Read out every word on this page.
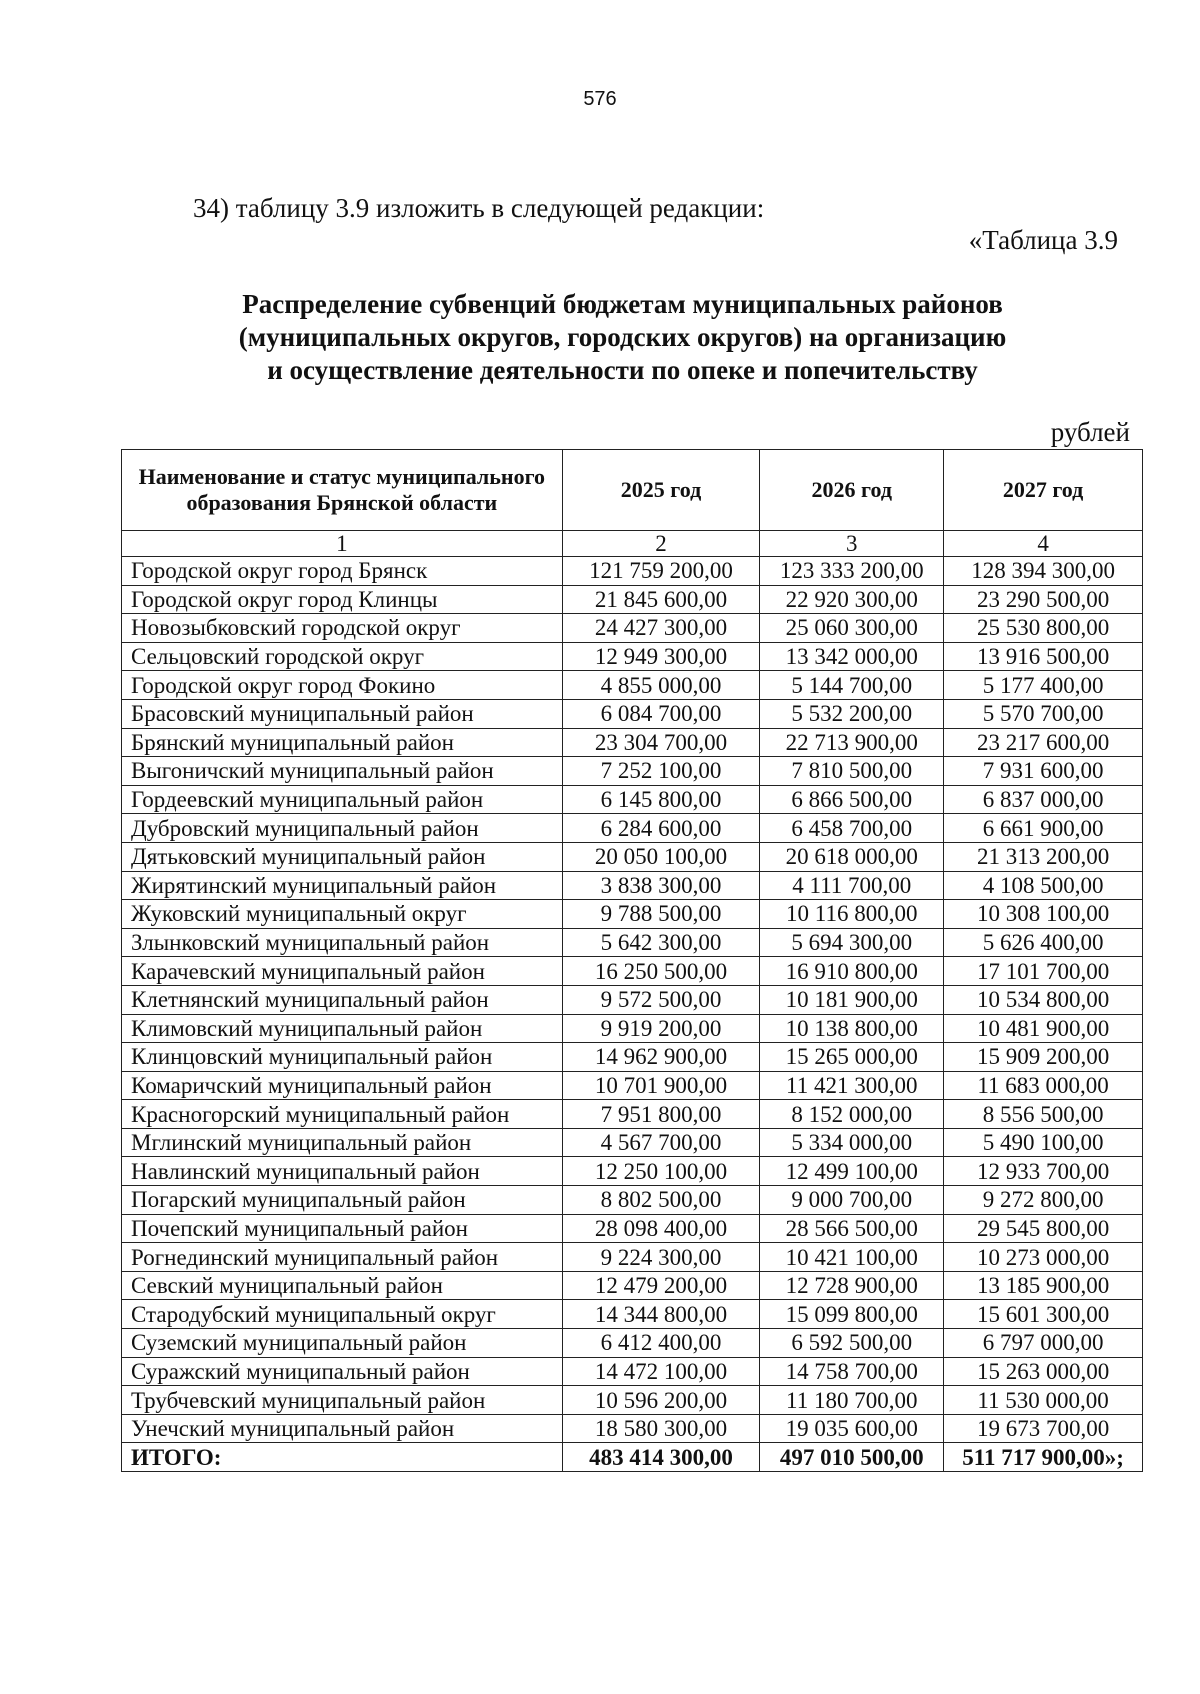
576
34) таблицу 3.9 изложить в следующей редакции:
«Таблица 3.9
Распределение субвенций бюджетам муниципальных районов
(муниципальных округов, городских округов) на организацию
и осуществление деятельности по опеке и попечительству
рублей
Наименование и статус муниципального образования Брянской области	2025 год	2026 год	2027 год
1	2	3	4
Городской округ город Брянск	121 759 200,00	123 333 200,00	128 394 300,00
Городской округ город Клинцы	21 845 600,00	22 920 300,00	23 290 500,00
Новозыбковский городской округ	24 427 300,00	25 060 300,00	25 530 800,00
Сельцовский городской округ	12 949 300,00	13 342 000,00	13 916 500,00
Городской округ город Фокино	4 855 000,00	5 144 700,00	5 177 400,00
Брасовский муниципальный район	6 084 700,00	5 532 200,00	5 570 700,00
Брянский муниципальный район	23 304 700,00	22 713 900,00	23 217 600,00
Выгоничский муниципальный район	7 252 100,00	7 810 500,00	7 931 600,00
Гордеевский муниципальный район	6 145 800,00	6 866 500,00	6 837 000,00
Дубровский муниципальный район	6 284 600,00	6 458 700,00	6 661 900,00
Дятьковский муниципальный район	20 050 100,00	20 618 000,00	21 313 200,00
Жирятинский муниципальный район	3 838 300,00	4 111 700,00	4 108 500,00
Жуковский муниципальный округ	9 788 500,00	10 116 800,00	10 308 100,00
Злынковский муниципальный район	5 642 300,00	5 694 300,00	5 626 400,00
Карачевский муниципальный район	16 250 500,00	16 910 800,00	17 101 700,00
Клетнянский муниципальный район	9 572 500,00	10 181 900,00	10 534 800,00
Климовский муниципальный район	9 919 200,00	10 138 800,00	10 481 900,00
Клинцовский муниципальный район	14 962 900,00	15 265 000,00	15 909 200,00
Комаричский муниципальный район	10 701 900,00	11 421 300,00	11 683 000,00
Красногорский муниципальный район	7 951 800,00	8 152 000,00	8 556 500,00
Мглинский муниципальный район	4 567 700,00	5 334 000,00	5 490 100,00
Навлинский муниципальный район	12 250 100,00	12 499 100,00	12 933 700,00
Погарский муниципальный район	8 802 500,00	9 000 700,00	9 272 800,00
Почепский муниципальный район	28 098 400,00	28 566 500,00	29 545 800,00
Рогнединский муниципальный район	9 224 300,00	10 421 100,00	10 273 000,00
Севский муниципальный район	12 479 200,00	12 728 900,00	13 185 900,00
Стародубский муниципальный округ	14 344 800,00	15 099 800,00	15 601 300,00
Суземский муниципальный район	6 412 400,00	6 592 500,00	6 797 000,00
Суражский муниципальный район	14 472 100,00	14 758 700,00	15 263 000,00
Трубчевский муниципальный район	10 596 200,00	11 180 700,00	11 530 000,00
Унечский муниципальный район	18 580 300,00	19 035 600,00	19 673 700,00
ИТОГО:	483 414 300,00	497 010 500,00	511 717 900,00»;
